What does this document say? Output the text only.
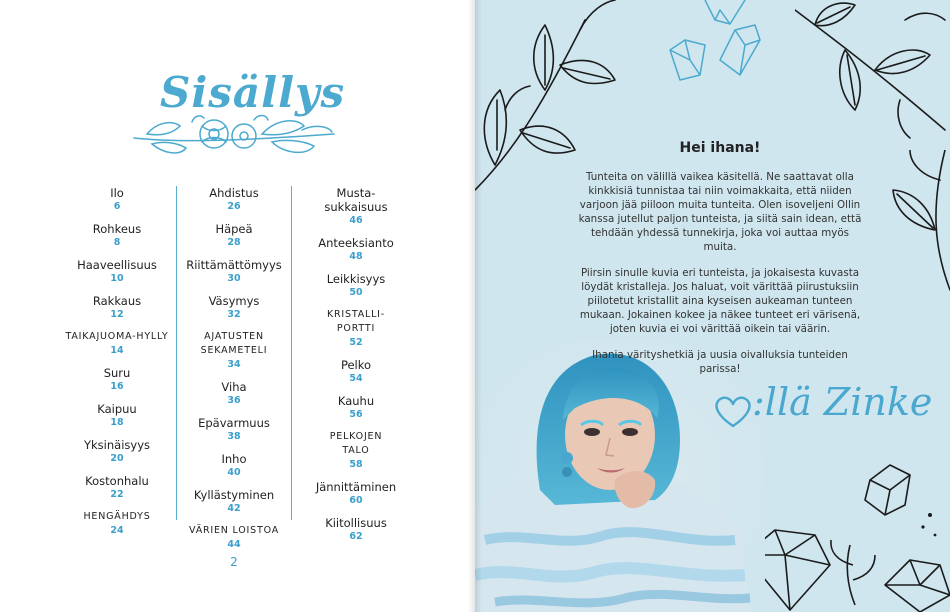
Sisällys
Ilo
6
Rohkeus
8
Haaveellisuus
10
Rakkaus
12
TAIKAJUOMA-HYLLY
14
Suru
16
Kaipuu
18
Yksinäisyys
20
Kostonhalu
22
HENGÄHDYS
24
Ahdistus
26
Häpeä
28
Riittämättömyys
30
Väsymys
32
AJATUSTEN SEKAMETELI
34
Viha
36
Epävarmuus
38
Inho
40
Kyllästyminen
42
VÄRIEN LOISTOA
44
Musta-sukkaisuus
46
Anteeksianto
48
Leikkisyys
50
KRISTALLI-PORTTI
52
Pelko
54
Kauhu
56
PELKOJEN TALO
58
Jännittäminen
60
Kiitollisuus
62
2
Hei ihana!

Tunteita on välillä vaikea käsitellä. Ne saattavat olla kinkkisiä tunnistaa tai niin voimakkaita, että niiden varjoon jää piiloon muita tunteita. Olen isoveljeni Ollin kanssa jutellut paljon tunteista, ja siitä sain idean, että tehdään yhdessä tunnekirja, joka voi auttaa myös muita.

Piirsin sinulle kuvia eri tunteista, ja jokaisesta kuvasta löydät kristalleja. Jos haluat, voit värittää piirustuksiin piilotetut kristallit aina kyseisen aukeaman tunteen mukaan. Jokainen kokee ja näkee tunteet eri värisenä, joten kuvia ei voi värittää oikein tai väärin.

Ihania värityshetkiä ja uusia oivalluksia tunteiden parissa!

:llä Zinke
